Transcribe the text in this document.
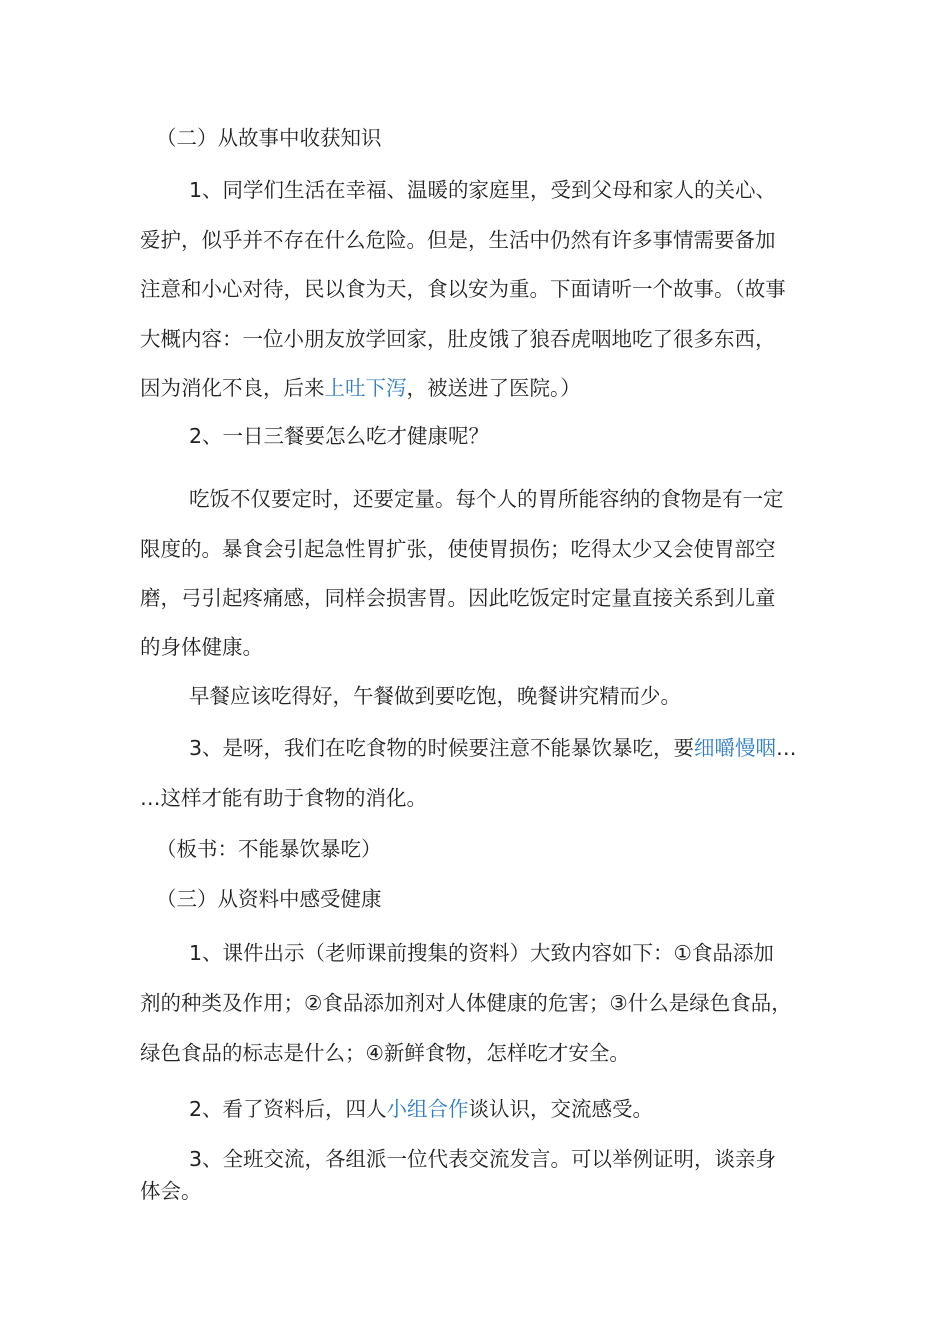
（二）从故事中收获知识
1、同学们生活在幸福、温暖的家庭里，受到父母和家人的关心、
爱护，似乎并不存在什么危险。但是，生活中仍然有许多事情需要备加
注意和小心对待，民以食为天，食以安为重。下面请听一个故事。（故事
大概内容：一位小朋友放学回家，肚皮饿了狼吞虎咽地吃了很多东西，
因为消化不良，后来上吐下泻，被送进了医院。）
2、一日三餐要怎么吃才健康呢？
吃饭不仅要定时，还要定量。每个人的胃所能容纳的食物是有一定
限度的。暴食会引起急性胃扩张，使使胃损伤；吃得太少又会使胃部空
磨，弓引起疼痛感，同样会损害胃。因此吃饭定时定量直接关系到儿童
的身体健康。
早餐应该吃得好，午餐做到要吃饱，晚餐讲究精而少。
3、是呀，我们在吃食物的时候要注意不能暴饮暴吃，要细嚼慢咽…
…这样才能有助于食物的消化。
（板书：不能暴饮暴吃）
（三）从资料中感受健康
1、课件出示（老师课前搜集的资料）大致内容如下：①食品添加
剂的种类及作用；②食品添加剂对人体健康的危害；③什么是绿色食品，
绿色食品的标志是什么；④新鲜食物，怎样吃才安全。
2、看了资料后，四人小组合作谈认识，交流感受。
3、全班交流，各组派一位代表交流发言。可以举例证明，谈亲身
体会。
